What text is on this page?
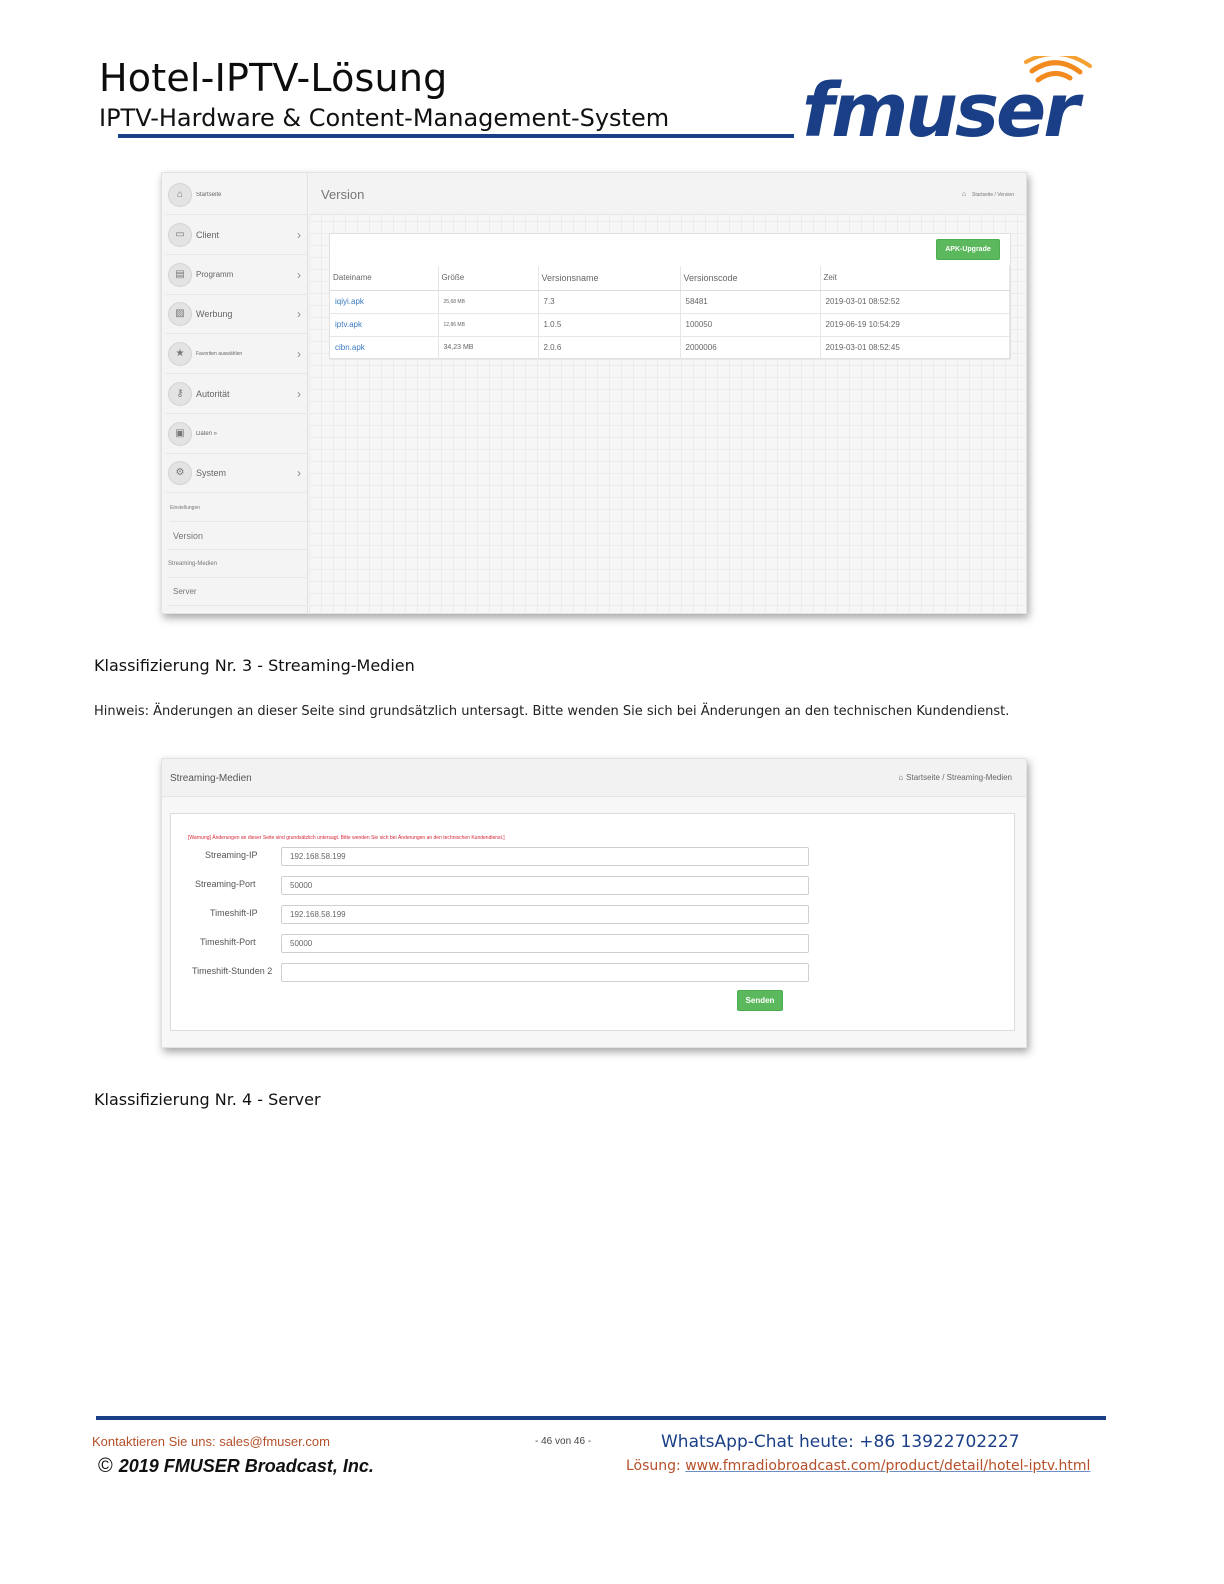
Hotel-IPTV-Lösung
IPTV-Hardware & Content-Management-System fmuser
⌂	Startseite
▭	Client	›
▤	Programm	›
▨	Werbung	›
★	Favoriten auswählen	›
⚷	Autorität	›
▣	Daten »
⚙	System	›
Einstellungen
Version
Streaming-Medien
Server
Version	⌂ Startseite / Version
APK-Upgrade
Dateiname	Größe	Versionsname	Versionscode	Zeit
iqiyi.apk	25,68 MB	7.3	58481	2019-03-01 08:52:52
iptv.apk	12,86 MB	1.0.5	100050	2019-06-19 10:54:29
cibn.apk	34,23 MB	2.0.6	2000006	2019-03-01 08:52:45
Klassifizierung Nr. 3 - Streaming-Medien
Hinweis: Änderungen an dieser Seite sind grundsätzlich untersagt. Bitte wenden Sie sich bei Änderungen an den technischen Kundendienst.
Streaming-Medien	⌂ Startseite / Streaming-Medien
[Warnung] Änderungen an dieser Seite sind grundsätzlich untersagt. Bitte wenden Sie sich bei Änderungen an den technischen Kundendienst.]
Streaming-IP	192.168.58.199
Streaming-Port	50000
Timeshift-IP	192.168.58.199
Timeshift-Port	50000
Timeshift-Stunden 2
Senden
Klassifizierung Nr. 4 - Server
Kontaktieren Sie uns: sales@fmuser.com	- 46 von 46 -	WhatsApp-Chat heute: +86 13922702227
© 2019 FMUSER Broadcast, Inc.	Lösung: www.fmradiobroadcast.com/product/detail/hotel-iptv.html
